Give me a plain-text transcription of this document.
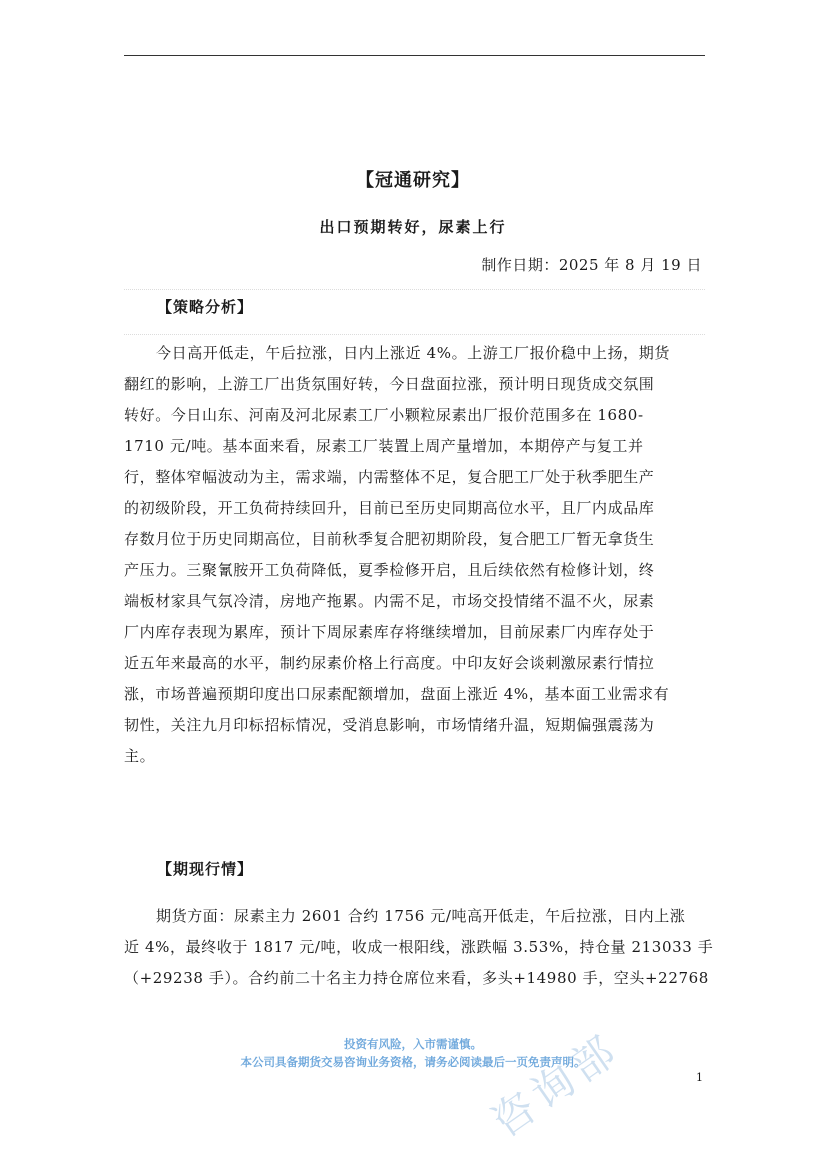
【冠通研究】
出口预期转好，尿素上行
制作日期：2025 年 8 月 19 日
【策略分析】
今日高开低走，午后拉涨，日内上涨近 4%。上游工厂报价稳中上扬，期货
翻红的影响，上游工厂出货氛围好转，今日盘面拉涨，预计明日现货成交氛围
转好。今日山东、河南及河北尿素工厂小颗粒尿素出厂报价范围多在 1680-
1710 元/吨。基本面来看，尿素工厂装置上周产量增加，本期停产与复工并
行，整体窄幅波动为主，需求端，内需整体不足，复合肥工厂处于秋季肥生产
的初级阶段，开工负荷持续回升，目前已至历史同期高位水平，且厂内成品库
存数月位于历史同期高位，目前秋季复合肥初期阶段，复合肥工厂暂无拿货生
产压力。三聚氰胺开工负荷降低，夏季检修开启，且后续依然有检修计划，终
端板材家具气氛冷清，房地产拖累。内需不足，市场交投情绪不温不火，尿素
厂内库存表现为累库，预计下周尿素库存将继续增加，目前尿素厂内库存处于
近五年来最高的水平，制约尿素价格上行高度。中印友好会谈刺激尿素行情拉
涨，市场普遍预期印度出口尿素配额增加，盘面上涨近 4%，基本面工业需求有
韧性，关注九月印标招标情况，受消息影响，市场情绪升温，短期偏强震荡为
主。
【期现行情】
期货方面：尿素主力 2601 合约 1756 元/吨高开低走，午后拉涨，日内上涨
近 4%，最终收于 1817 元/吨，收成一根阳线，涨跌幅 3.53%，持仓量 213033 手
（+29238 手）。合约前二十名主力持仓席位来看，多头+14980 手，空头+22768
投资有风险，入市需谨慎。
本公司具备期货交易咨询业务资格，请务必阅读最后一页免责声明。
1
咨询部
